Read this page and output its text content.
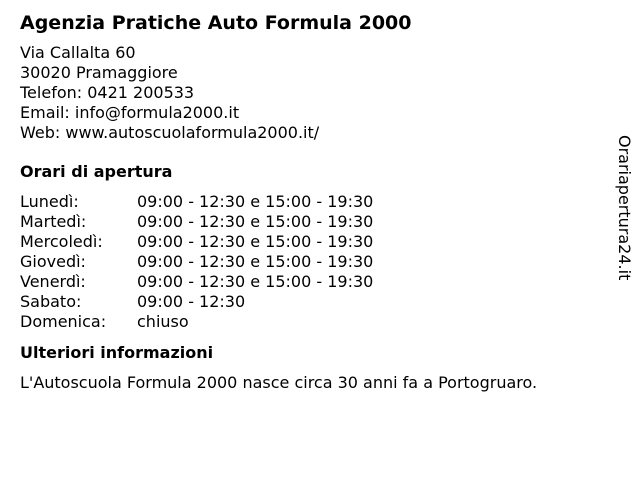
Agenzia Pratiche Auto Formula 2000
Via Callalta 60
30020 Pramaggiore
Telefon: 0421 200533
Email: info@formula2000.it
Web: www.autoscuolaformula2000.it/
Orari di apertura
Lunedì:	09:00 - 12:30 e 15:00 - 19:30
Martedì:	09:00 - 12:30 e 15:00 - 19:30
Mercoledì:	09:00 - 12:30 e 15:00 - 19:30
Giovedì:	09:00 - 12:30 e 15:00 - 19:30
Venerdì:	09:00 - 12:30 e 15:00 - 19:30
Sabato:	09:00 - 12:30
Domenica:	chiuso
Ulteriori informazioni
L'Autoscuola Formula 2000 nasce circa 30 anni fa a Portogruaro.
Orariapertura24.it
